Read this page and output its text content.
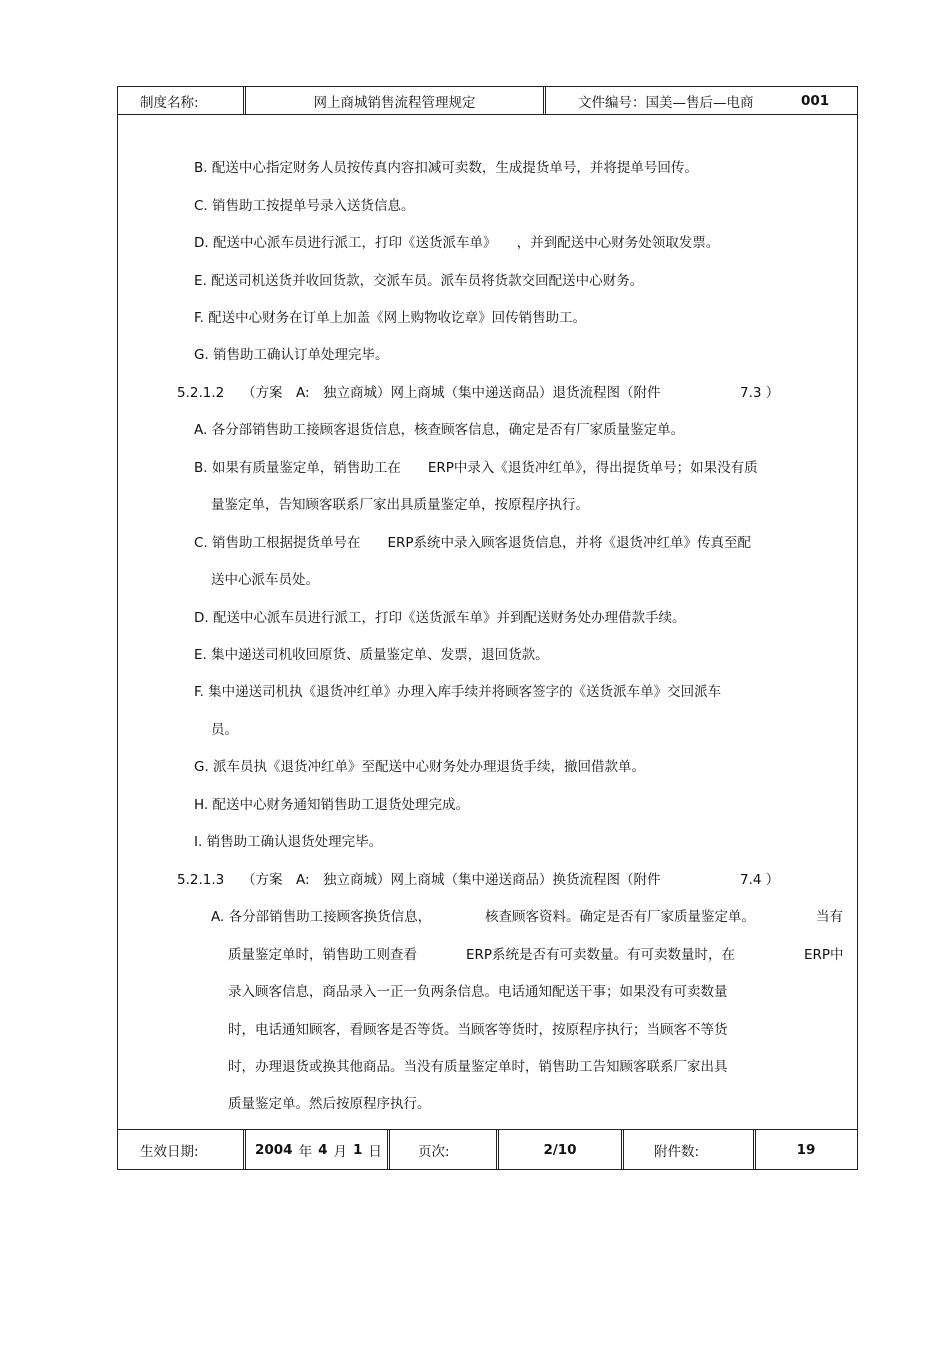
制度名称:	网上商城销售流程管理规定	文件编号：国美—售后—电商	001
B. 配送中心指定财务人员按传真内容扣减可卖数，生成提货单号，并将提单号回传。
C. 销售助工按提单号录入送货信息。
D. 配送中心派车员进行派工，打印《送货派车单》　　，并到配送中心财务处领取发票。
E. 配送司机送货并收回货款，交派车员。派车员将货款交回配送中心财务。
F. 配送中心财务在订单上加盖《网上购物收讫章》回传销售助工。
G. 销售助工确认订单处理完毕。
5.2.1.2 （方案　A:　独立商城）网上商城（集中递送商品）退货流程图（附件	7.3 ）
A. 各分部销售助工接顾客退货信息，核查顾客信息，确定是否有厂家质量鉴定单。
B. 如果有质量鉴定单，销售助工在　　ERP中录入《退货冲红单》，得出提货单号；如果没有质
量鉴定单，告知顾客联系厂家出具质量鉴定单，按原程序执行。
C. 销售助工根据提货单号在　　ERP系统中录入顾客退货信息，并将《退货冲红单》传真至配
送中心派车员处。
D. 配送中心派车员进行派工，打印《送货派车单》并到配送财务处办理借款手续。
E. 集中递送司机收回原货、质量鉴定单、发票，退回货款。
F. 集中递送司机执《退货冲红单》办理入库手续并将顾客签字的《送货派车单》交回派车
员。
G. 派车员执《退货冲红单》至配送中心财务处办理退货手续，撤回借款单。
H. 配送中心财务通知销售助工退货处理完成。
I. 销售助工确认退货处理完毕。
5.2.1.3 （方案　A:　独立商城）网上商城（集中递送商品）换货流程图（附件	7.4 ）
A. 各分部销售助工接顾客换货信息，	核查顾客资料。确定是否有厂家质量鉴定单。	当有
质量鉴定单时，销售助工则查看	ERP系统是否有可卖数量。有可卖数量时，在	ERP中
录入顾客信息，商品录入一正一负两条信息。电话通知配送干事；如果没有可卖数量
时，电话通知顾客，看顾客是否等货。当顾客等货时，按原程序执行；当顾客不等货
时，办理退货或换其他商品。当没有质量鉴定单时，销售助工告知顾客联系厂家出具
质量鉴定单。然后按原程序执行。
生效日期:	2004 年 4 月 1 日	页次:	2/10	附件数:	19
